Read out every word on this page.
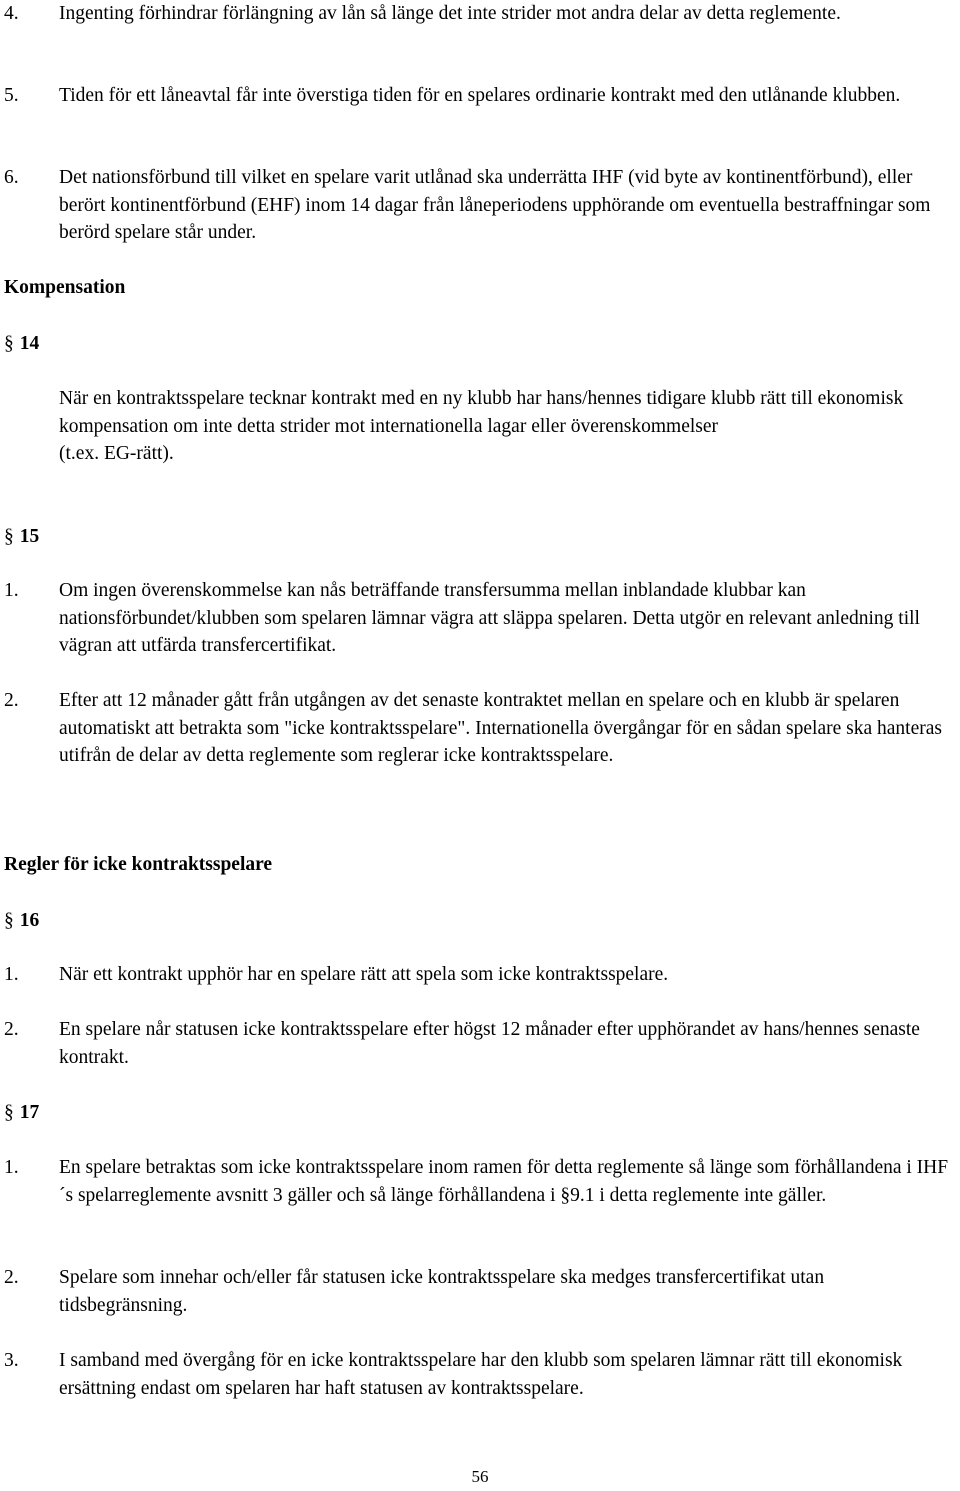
4. Ingenting förhindrar förlängning av lån så länge det inte strider mot andra delar av detta reglemente.
5. Tiden för ett låneavtal får inte överstiga tiden för en spelares ordinarie kontrakt med den utlånande klubben.
6. Det nationsförbund till vilket en spelare varit utlånad ska underrätta IHF (vid byte av kontinentförbund), eller berört kontinentförbund (EHF) inom 14 dagar från låneperiodens upphörande om eventuella bestraffningar som berörd spelare står under.
Kompensation
§ 14
När en kontraktsspelare tecknar kontrakt med en ny klubb har hans/hennes tidigare klubb rätt till ekonomisk kompensation om inte detta strider mot internationella lagar eller överenskommelser
(t.ex. EG-rätt).
§ 15
1. Om ingen överenskommelse kan nås beträffande transfersumma mellan inblandade klubbar kan nationsförbundet/klubben som spelaren lämnar vägra att släppa spelaren. Detta utgör en relevant anledning till vägran att utfärda transfercertifikat.
2. Efter att 12 månader gått från utgången av det senaste kontraktet mellan en spelare och en klubb är spelaren automatiskt att betrakta som "icke kontraktsspelare". Internationella övergångar för en sådan spelare ska hanteras utifrån de delar av detta reglemente som reglerar icke kontraktsspelare.
Regler för icke kontraktsspelare
§ 16
1. När ett kontrakt upphör har en spelare rätt att spela som icke kontraktsspelare.
2. En spelare når statusen icke kontraktsspelare efter högst 12 månader efter upphörandet av hans/hennes senaste kontrakt.
§ 17
1. En spelare betraktas som icke kontraktsspelare inom ramen för detta reglemente så länge som förhållandena i IHF´s spelarreglemente avsnitt 3 gäller och så länge förhållandena i §9.1 i detta reglemente inte gäller.
2. Spelare som innehar och/eller får statusen icke kontraktsspelare ska medges transfercertifikat utan tidsbegränsning.
3. I samband med övergång för en icke kontraktsspelare har den klubb som spelaren lämnar rätt till ekonomisk ersättning endast om spelaren har haft statusen av kontraktsspelare.
56
